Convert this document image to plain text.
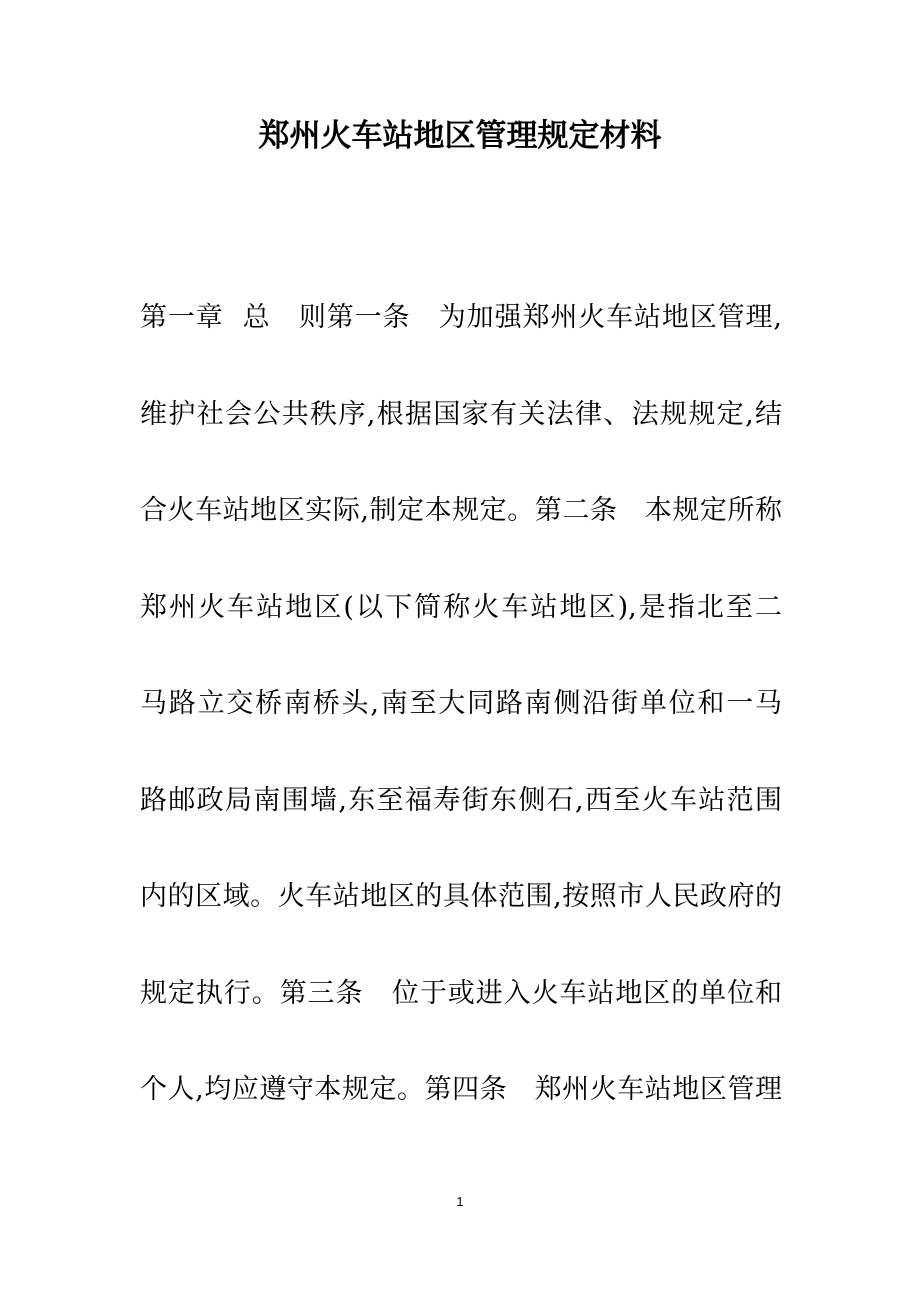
郑州火车站地区管理规定材料
第一章  总   则第一条   为加强郑州火车站地区管理,
维护社会公共秩序,根据国家有关法律、法规规定,结
合火车站地区实际,制定本规定。第二条   本规定所称
郑州火车站地区(以下简称火车站地区),是指北至二
马路立交桥南桥头,南至大同路南侧沿街单位和一马
路邮政局南围墙,东至福寿街东侧石,西至火车站范围
内的区域。火车站地区的具体范围,按照市人民政府的
规定执行。第三条   位于或进入火车站地区的单位和
个人,均应遵守本规定。第四条   郑州火车站地区管理
1
